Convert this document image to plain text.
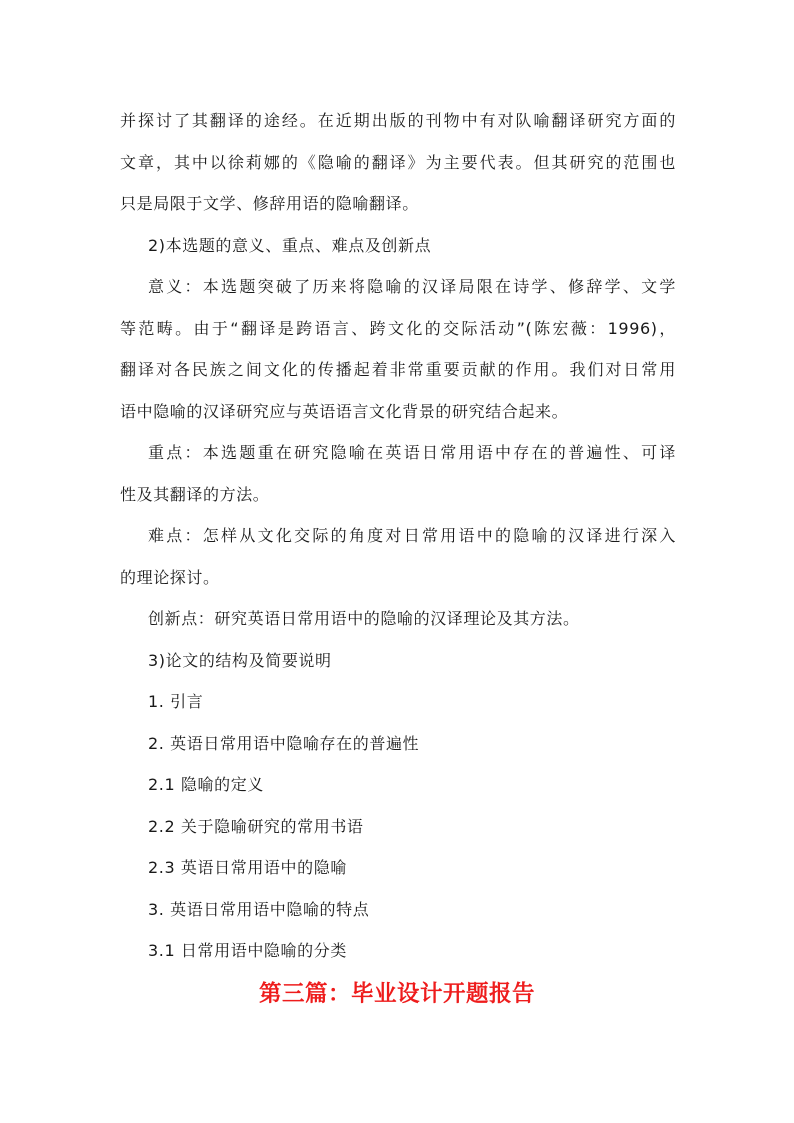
并探讨了其翻译的途经。在近期出版的刊物中有对队喻翻译研究方面的
文章，其中以徐莉娜的《隐喻的翻译》为主要代表。但其研究的范围也
只是局限于文学、修辞用语的隐喻翻译。
2)本选题的意义、重点、难点及创新点
意义：本选题突破了历来将隐喻的汉译局限在诗学、修辞学、文学
等范畴。由于“翻译是跨语言、跨文化的交际活动”(陈宏薇：1996)，
翻译对各民族之间文化的传播起着非常重要贡献的作用。我们对日常用
语中隐喻的汉译研究应与英语语言文化背景的研究结合起来。
重点：本选题重在研究隐喻在英语日常用语中存在的普遍性、可译
性及其翻译的方法。
难点：怎样从文化交际的角度对日常用语中的隐喻的汉译进行深入
的理论探讨。
创新点：研究英语日常用语中的隐喻的汉译理论及其方法。
3)论文的结构及简要说明
1. 引言
2. 英语日常用语中隐喻存在的普遍性
2.1 隐喻的定义
2.2 关于隐喻研究的常用书语
2.3 英语日常用语中的隐喻
3. 英语日常用语中隐喻的特点
3.1 日常用语中隐喻的分类
第三篇：毕业设计开题报告
